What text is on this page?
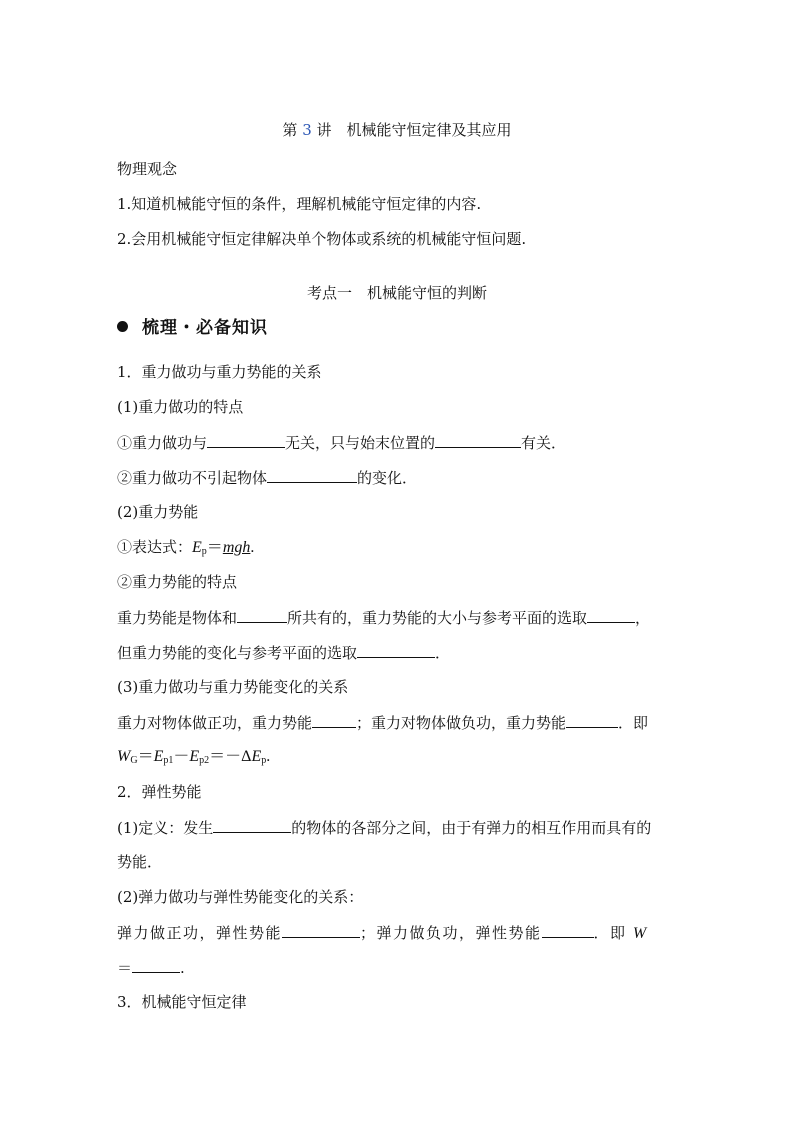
第 3 讲　机械能守恒定律及其应用
物理观念
1.知道机械能守恒的条件，理解机械能守恒定律的内容.
2.会用机械能守恒定律解决单个物体或系统的机械能守恒问题.
考点一　机械能守恒的判断
梳理・必备知识
1．重力做功与重力势能的关系
(1)重力做功的特点
①重力做功与	无关，只与始末位置的	有关．
②重力做功不引起物体	的变化．
(2)重力势能
①表达式：$E_p=mgh$.
②重力势能的特点
重力势能是物体和	所共有的，重力势能的大小与参考平面的选取	，
但重力势能的变化与参考平面的选取	．
(3)重力做功与重力势能变化的关系
重力对物体做正功，重力势能	；重力对物体做负功，重力势能	．即
$W_G=E_{p1}-E_{p2}=-\Delta E_p$.
2．弹性势能
(1)定义：发生	的物体的各部分之间，由于有弹力的相互作用而具有的
势能．
(2)弹力做功与弹性势能变化的关系：
弹力做正功，弹性势能	；弹力做负功，弹性势能	．即 W
＝	.
3．机械能守恒定律
